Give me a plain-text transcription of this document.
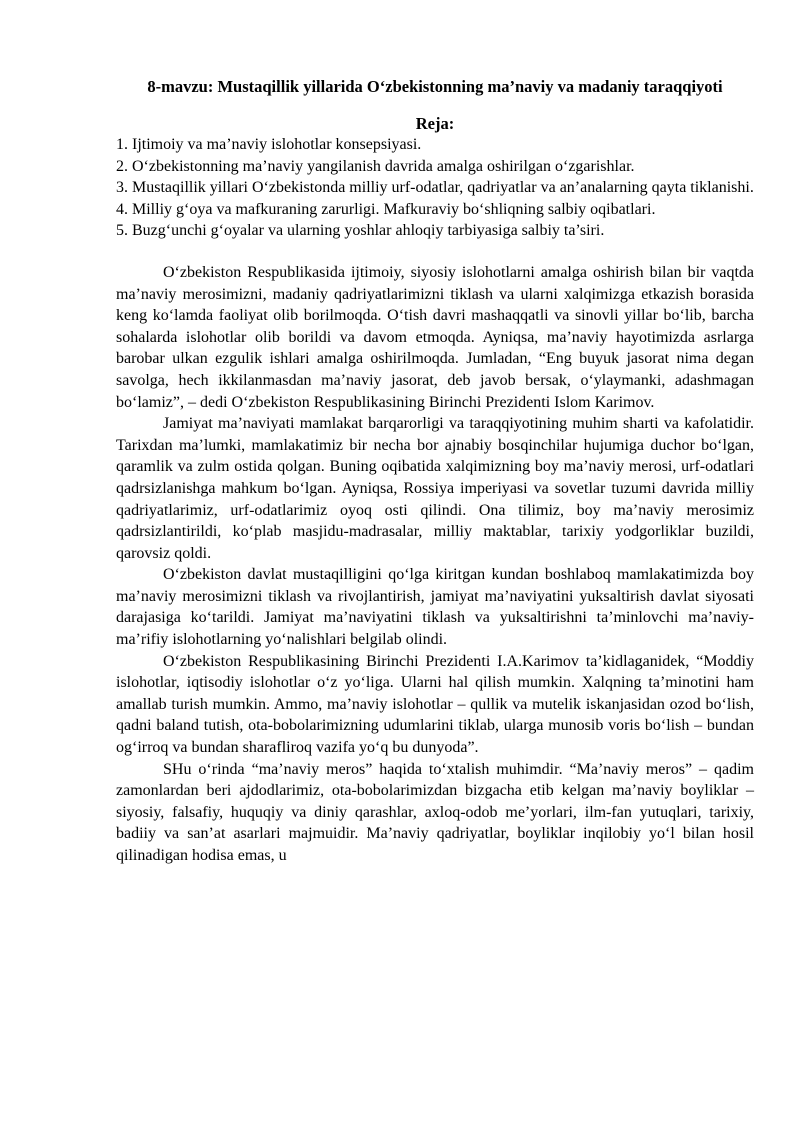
8-mavzu: Mustaqillik yillarida O‘zbekistonning ma’naviy va madaniy taraqqiyoti
Reja:
1. Ijtimoiy va ma’naviy islohotlar konsepsiyasi.
2. O‘zbekistonning ma’naviy yangilanish davrida amalga oshirilgan o‘zgarishlar.
3. Mustaqillik yillari O‘zbekistonda milliy urf-odatlar, qadriyatlar va an’analarning qayta tiklanishi.
4. Milliy g‘oya va mafkuraning zarurligi. Mafkuraviy bo‘shliqning salbiy oqibatlari.
5. Buzg‘unchi g‘oyalar va ularning yoshlar ahloqiy tarbiyasiga salbiy ta’siri.

O‘zbekiston Respublikasida ijtimoiy, siyosiy islohotlarni amalga oshirish bilan bir vaqtda ma’naviy merosimizni, madaniy qadriyatlarimizni tiklash va ularni xalqimizga etkazish borasida keng ko‘lamda faoliyat olib borilmoqda. O‘tish davri mashaqqatli va sinovli yillar bo‘lib, barcha sohalarda islohotlar olib borildi va davom etmoqda. Ayniqsa, ma’naviy hayotimizda asrlarga barobar ulkan ezgulik ishlari amalga oshirilmoqda. Jumladan, “Eng buyuk jasorat nima degan savolga, hech ikkilanmasdan ma’naviy jasorat, deb javob bersak, o‘ylaymanki, adashmagan bo‘lamiz”, – dedi O‘zbekiston Respublikasining Birinchi Prezidenti Islom Karimov.

Jamiyat ma’naviyati mamlakat barqarorligi va taraqqiyotining muhim sharti va kafolatidir. Tarixdan ma’lumki, mamlakatimiz bir necha bor ajnabiy bosqinchilar hujumiga duchor bo‘lgan, qaramlik va zulm ostida qolgan. Buning oqibatida xalqimizning boy ma’naviy merosi, urf-odatlari qadrsizlanishga mahkum bo‘lgan. Ayniqsa, Rossiya imperiyasi va sovetlar tuzumi davrida milliy qadriyatlarimiz, urf-odatlarimiz oyoq osti qilindi. Ona tilimiz, boy ma’naviy merosimiz qadrsizlantirildi, ko‘plab masjidu-madrasalar, milliy maktablar, tarixiy yodgorliklar buzildi, qarovsiz qoldi.

O‘zbekiston davlat mustaqilligini qo‘lga kiritgan kundan boshlaboq mamlakatimizda boy ma’naviy merosimizni tiklash va rivojlantirish, jamiyat ma’naviyatini yuksaltirish davlat siyosati darajasiga ko‘tarildi. Jamiyat ma’naviyatini tiklash va yuksaltirishni ta’minlovchi ma’naviy-ma’rifiy islohotlarning yo‘nalishlari belgilab olindi.

O‘zbekiston Respublikasining Birinchi Prezidenti I.A.Karimov ta’kidlaganidek, “Moddiy islohotlar, iqtisodiy islohotlar o‘z yo‘liga. Ularni hal qilish mumkin. Xalqning ta’minotini ham amallab turish mumkin. Ammo, ma’naviy islohotlar – qullik va mutelik iskanjasidan ozod bo‘lish, qadni baland tutish, ota-bobolarimizning udumlarini tiklab, ularga munosib voris bo‘lish – bundan og‘irroq va bundan sharafliroq vazifa yo‘q bu dunyoda”.

SHu o‘rinda “ma’naviy meros” haqida to‘xtalish muhimdir. “Ma’naviy meros” – qadim zamonlardan beri ajdodlarimiz, ota-bobolarimizdan bizgacha etib kelgan ma’naviy boyliklar – siyosiy, falsafiy, huquqiy va diniy qarashlar, axloq-odob me’yorlari, ilm-fan yutuqlari, tarixiy, badiiy va san’at asarlari majmuidir. Ma’naviy qadriyatlar, boyliklar inqilobiy yo‘l bilan hosil qilinadigan hodisa emas, u
